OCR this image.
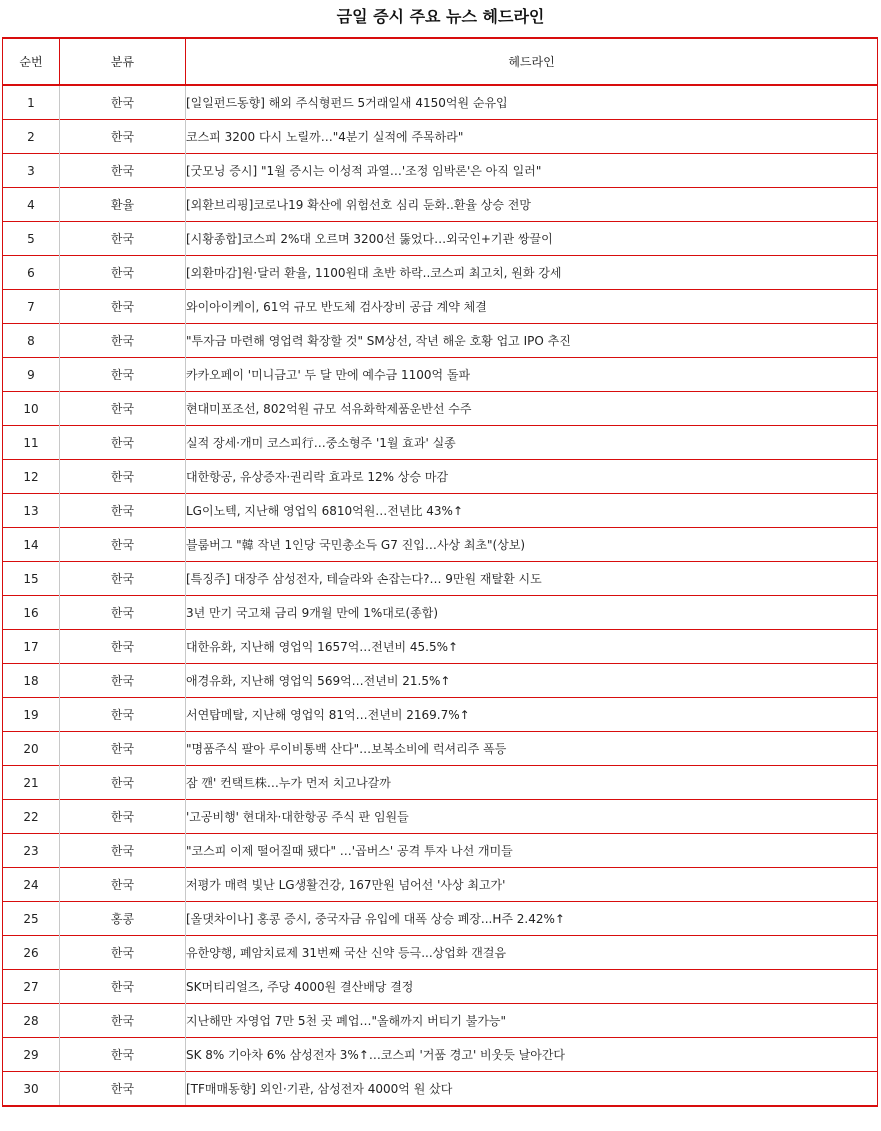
금일 증시 주요 뉴스 헤드라인
순번	분류	헤드라인
1	한국	[일일펀드동향] 해외 주식형펀드 5거래일새 4150억원 순유입
2	한국	코스피 3200 다시 노릴까…"4분기 실적에 주목하라"
3	한국	[굿모닝 증시] "1월 증시는 이성적 과열…'조정 임박론'은 아직 일러"
4	환율	[외환브리핑]코로나19 확산에 위험선호 심리 둔화..환율 상승 전망
5	한국	[시황종합]코스피 2%대 오르며 3200선 뚫었다…외국인+기관 쌍끌이
6	한국	[외환마감]원·달러 환율, 1100원대 초반 하락..코스피 최고치, 원화 강세
7	한국	와이아이케이, 61억 규모 반도체 검사장비 공급 계약 체결
8	한국	"투자금 마련해 영업력 확장할 것" SM상선, 작년 해운 호황 업고 IPO 추진
9	한국	카카오페이 '미니금고' 두 달 만에 예수금 1100억 돌파
10	한국	현대미포조선, 802억원 규모 석유화학제품운반선 수주
11	한국	실적 장세·개미 코스피行…중소형주 '1월 효과' 실종
12	한국	대한항공, 유상증자·권리락 효과로 12% 상승 마감
13	한국	LG이노텍, 지난해 영업익 6810억원…전년比 43%↑
14	한국	블룸버그 "韓 작년 1인당 국민총소득 G7 진입…사상 최초"(상보)
15	한국	[특징주] 대장주 삼성전자, 테슬라와 손잡는다?… 9만원 재탈환 시도
16	한국	3년 만기 국고채 금리 9개월 만에 1%대로(종합)
17	한국	대한유화, 지난해 영업익 1657억…전년비 45.5%↑
18	한국	애경유화, 지난해 영업익 569억…전년비 21.5%↑
19	한국	서연탑메탈, 지난해 영업익 81억…전년비 2169.7%↑
20	한국	"명품주식 팔아 루이비통백 산다"…보복소비에 럭셔리주 폭등
21	한국	잠 깬' 컨택트株…누가 먼저 치고나갈까
22	한국	'고공비행' 현대차·대한항공 주식 판 임원들
23	한국	"코스피 이제 떨어질때 됐다" …'곱버스' 공격 투자 나선 개미들
24	한국	저평가 매력 빛난 LG생활건강, 167만원 넘어선 '사상 최고가'
25	홍콩	[올댓차이나] 홍콩 증시, 중국자금 유입에 대폭 상승 폐장...H주 2.42%↑
26	한국	유한양행, 폐암치료제 31번째 국산 신약 등극...상업화 갠걸음
27	한국	SK머티리얼즈, 주당 4000원 결산배당 결정
28	한국	지난해만 자영업 7만 5천 곳 폐업…"올해까지 버티기 불가능"
29	한국	SK 8% 기아차 6% 삼성전자 3%↑…코스피 '거품 경고' 비웃듯 날아간다
30	한국	[TF매매동향] 외인·기관, 삼성전자 4000억 원 샀다
